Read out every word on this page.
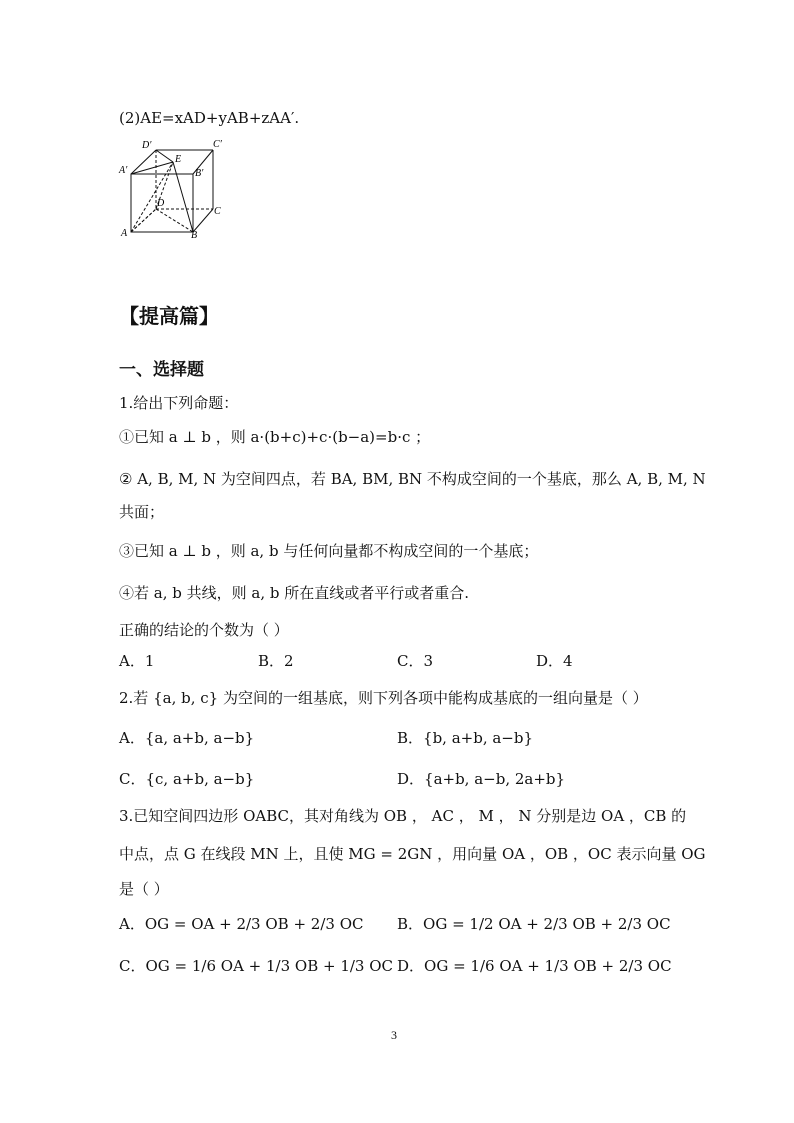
(2)AE=xAD+yAB+zAA′.
D′	C′
A′	B′
E
D
C
A	B
【提高篇】
一、选择题
1.给出下列命题：
①已知 a ⊥ b ，则 a·(b+c)+c·(b−a)=b·c ；
② A, B, M, N 为空间四点，若 BA, BM, BN 不构成空间的一个基底，那么 A, B, M, N
共面；
③已知 a ⊥ b ，则 a, b 与任何向量都不构成空间的一个基底；
④若 a, b 共线，则 a, b 所在直线或者平行或者重合.
正确的结论的个数为（ ）
A．1	B．2	C．3	D．4
2.若 {a, b, c} 为空间的一组基底，则下列各项中能构成基底的一组向量是（ ）
A．{a, a+b, a−b}	B．{b, a+b, a−b}
C．{c, a+b, a−b}	D．{a+b, a−b, 2a+b}
3.已知空间四边形 OABC，其对角线为 OB ， AC ， M ， N 分别是边 OA ，CB 的
中点，点 G 在线段 MN 上，且使 MG = 2GN ，用向量 OA ，OB ，OC 表示向量 OG
是（ ）
A．OG = OA + 2/3 OB + 2/3 OC B．OG = 1/2 OA + 2/3 OB + 2/3 OC
C．OG = 1/6 OA + 1/3 OB + 1/3 OC D．OG = 1/6 OA + 1/3 OB + 2/3 OC
3
